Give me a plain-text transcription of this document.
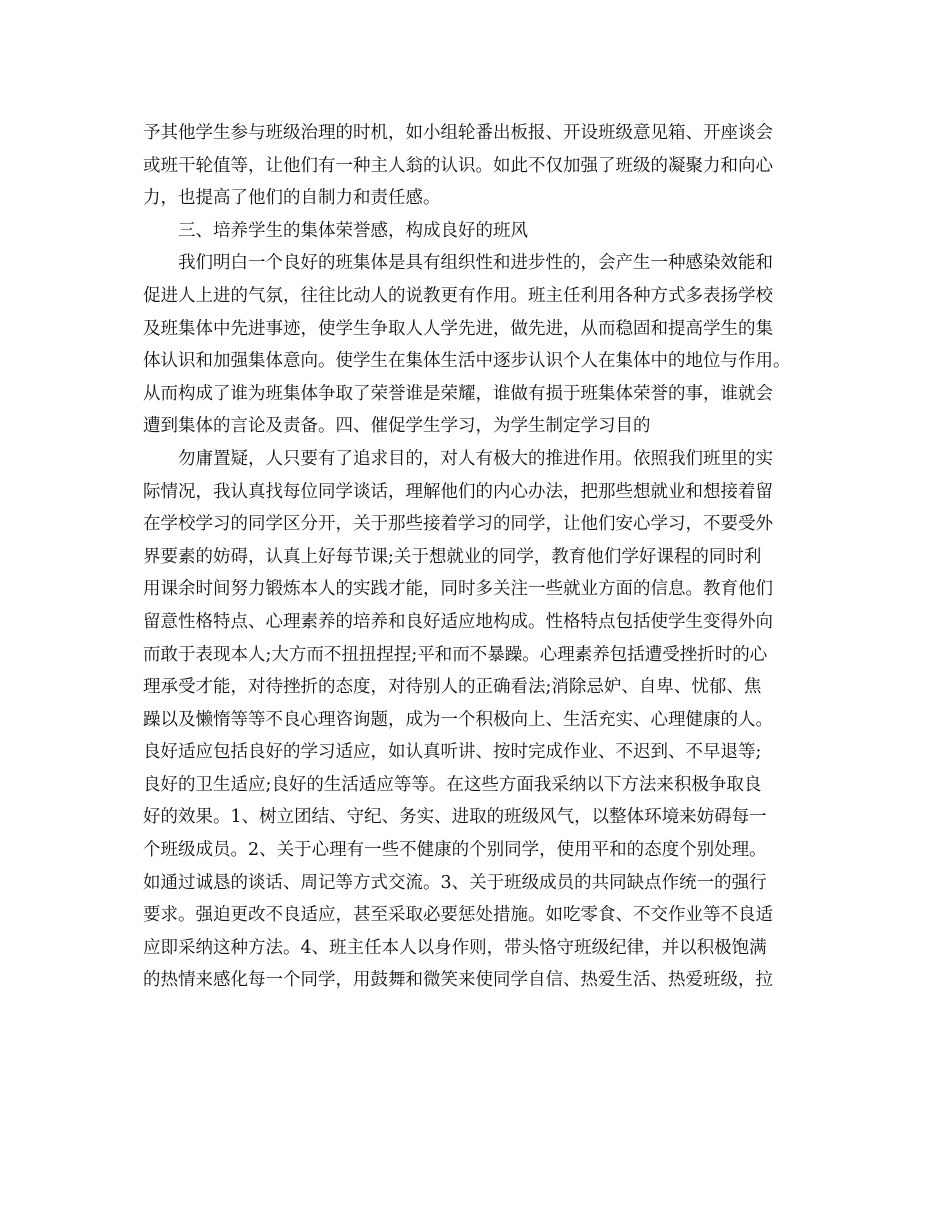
予其他学生参与班级治理的时机，如小组轮番出板报、开设班级意见箱、开座谈会
或班干轮值等，让他们有一种主人翁的认识。如此不仅加强了班级的凝聚力和向心
力，也提高了他们的自制力和责任感。
三、培养学生的集体荣誉感，构成良好的班风
我们明白一个良好的班集体是具有组织性和进步性的，会产生一种感染效能和
促进人上进的气氛，往往比动人的说教更有作用。班主任利用各种方式多表扬学校
及班集体中先进事迹，使学生争取人人学先进，做先进，从而稳固和提高学生的集
体认识和加强集体意向。使学生在集体生活中逐步认识个人在集体中的地位与作用。
从而构成了谁为班集体争取了荣誉谁是荣耀，谁做有损于班集体荣誉的事，谁就会
遭到集体的言论及责备。四、催促学生学习，为学生制定学习目的
勿庸置疑，人只要有了追求目的，对人有极大的推进作用。依照我们班里的实
际情况，我认真找每位同学谈话，理解他们的内心办法，把那些想就业和想接着留
在学校学习的同学区分开，关于那些接着学习的同学，让他们安心学习，不要受外
界要素的妨碍，认真上好每节课;关于想就业的同学，教育他们学好课程的同时利
用课余时间努力锻炼本人的实践才能，同时多关注一些就业方面的信息。教育他们
留意性格特点、心理素养的培养和良好适应地构成。性格特点包括使学生变得外向
而敢于表现本人;大方而不扭扭捏捏;平和而不暴躁。心理素养包括遭受挫折时的心
理承受才能，对待挫折的态度，对待别人的正确看法;消除忌妒、自卑、忧郁、焦
躁以及懒惰等等不良心理咨询题，成为一个积极向上、生活充实、心理健康的人。
良好适应包括良好的学习适应，如认真听讲、按时完成作业、不迟到、不早退等;
良好的卫生适应;良好的生活适应等等。在这些方面我采纳以下方法来积极争取良
好的效果。1、树立团结、守纪、务实、进取的班级风气，以整体环境来妨碍每一
个班级成员。2、关于心理有一些不健康的个别同学，使用平和的态度个别处理。
如通过诚恳的谈话、周记等方式交流。3、关于班级成员的共同缺点作统一的强行
要求。强迫更改不良适应，甚至采取必要惩处措施。如吃零食、不交作业等不良适
应即采纳这种方法。4、班主任本人以身作则，带头恪守班级纪律，并以积极饱满
的热情来感化每一个同学，用鼓舞和微笑来使同学自信、热爱生活、热爱班级，拉
